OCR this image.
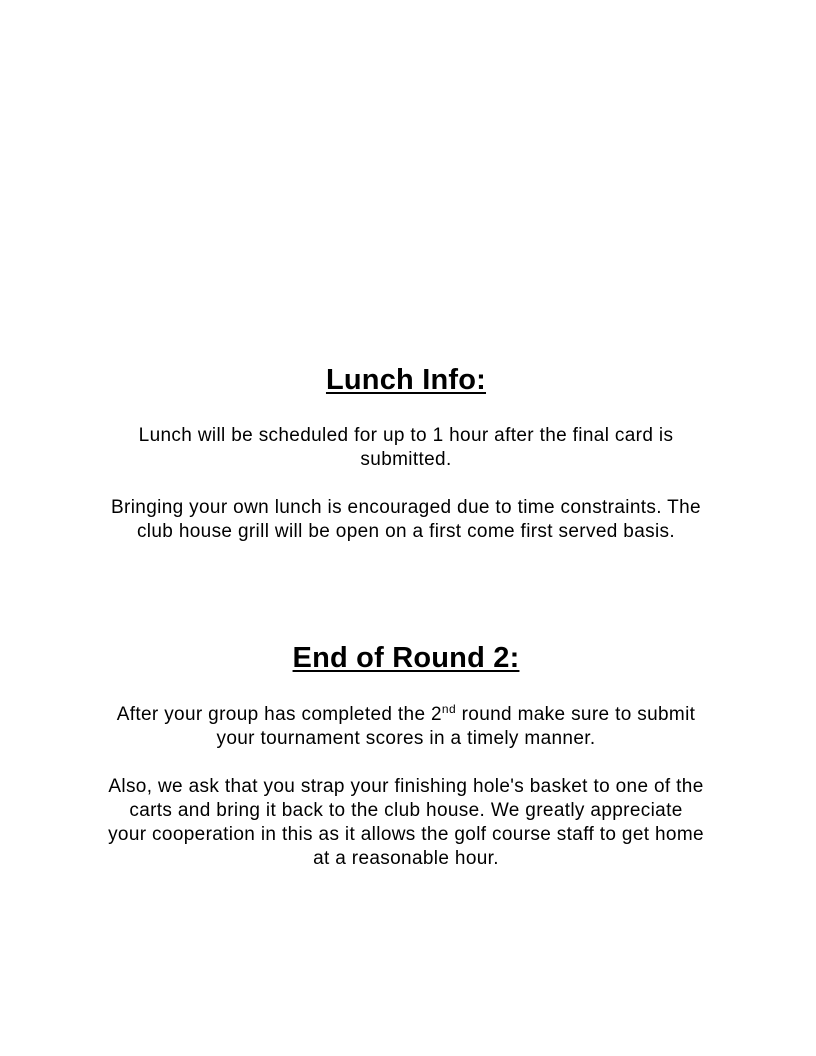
Lunch Info:

Lunch will be scheduled for up to 1 hour after the final card is submitted.

Bringing your own lunch is encouraged due to time constraints. The club house grill will be open on a first come first served basis.

End of Round 2:

After your group has completed the 2nd round make sure to submit your tournament scores in a timely manner.

Also, we ask that you strap your finishing hole's basket to one of the carts and bring it back to the club house. We greatly appreciate your cooperation in this as it allows the golf course staff to get home at a reasonable hour.
